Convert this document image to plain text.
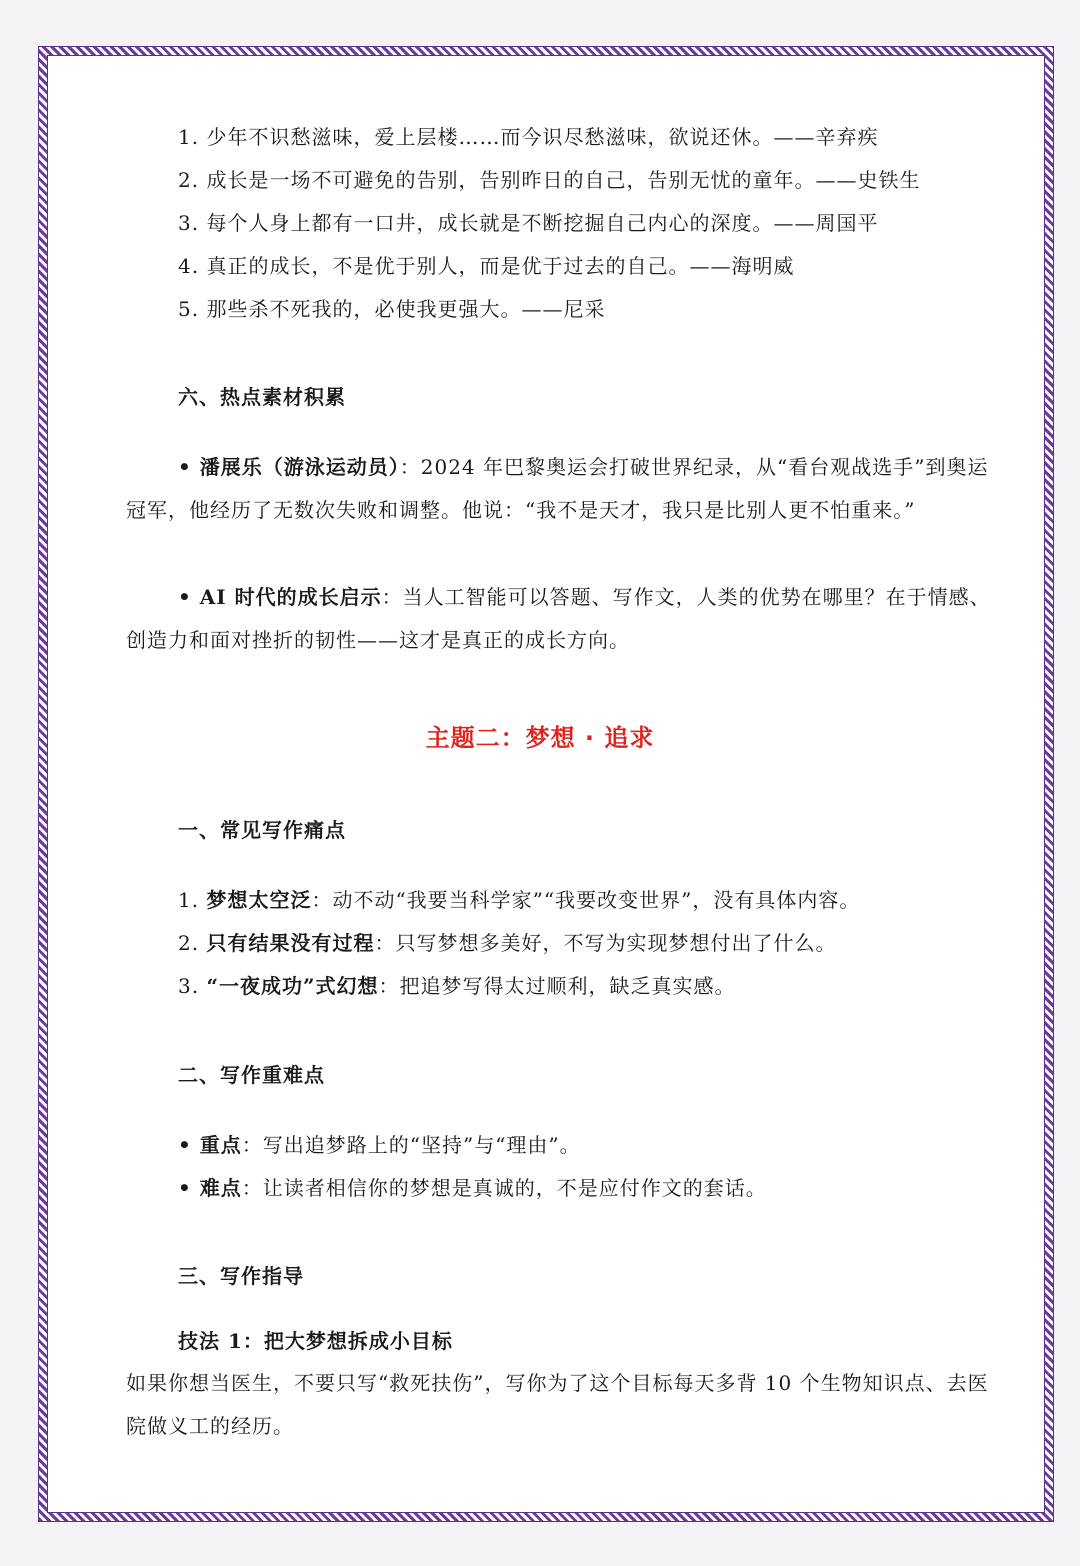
1. 少年不识愁滋味，爱上层楼……而今识尽愁滋味，欲说还休。——辛弃疾

2. 成长是一场不可避免的告别，告别昨日的自己，告别无忧的童年。——史铁生

3. 每个人身上都有一口井，成长就是不断挖掘自己内心的深度。——周国平

4. 真正的成长，不是优于别人，而是优于过去的自己。——海明威

5. 那些杀不死我的，必使我更强大。——尼采

六、热点素材积累

• 潘展乐（游泳运动员）：2024 年巴黎奥运会打破世界纪录，从“看台观战选手”到奥运冠军，他经历了无数次失败和调整。他说：“我不是天才，我只是比别人更不怕重来。”

• AI 时代的成长启示：当人工智能可以答题、写作文，人类的优势在哪里？在于情感、创造力和面对挫折的韧性——这才是真正的成长方向。

主题二：梦想 · 追求

一、常见写作痛点

1. 梦想太空泛：动不动“我要当科学家”“我要改变世界”，没有具体内容。

2. 只有结果没有过程：只写梦想多美好，不写为实现梦想付出了什么。

3. “一夜成功”式幻想：把追梦写得太过顺利，缺乏真实感。

二、写作重难点

• 重点：写出追梦路上的“坚持”与“理由”。

• 难点：让读者相信你的梦想是真诚的，不是应付作文的套话。

三、写作指导

技法 1：把大梦想拆成小目标

如果你想当医生，不要只写“救死扶伤”，写你为了这个目标每天多背 10 个生物知识点、去医院做义工的经历。
